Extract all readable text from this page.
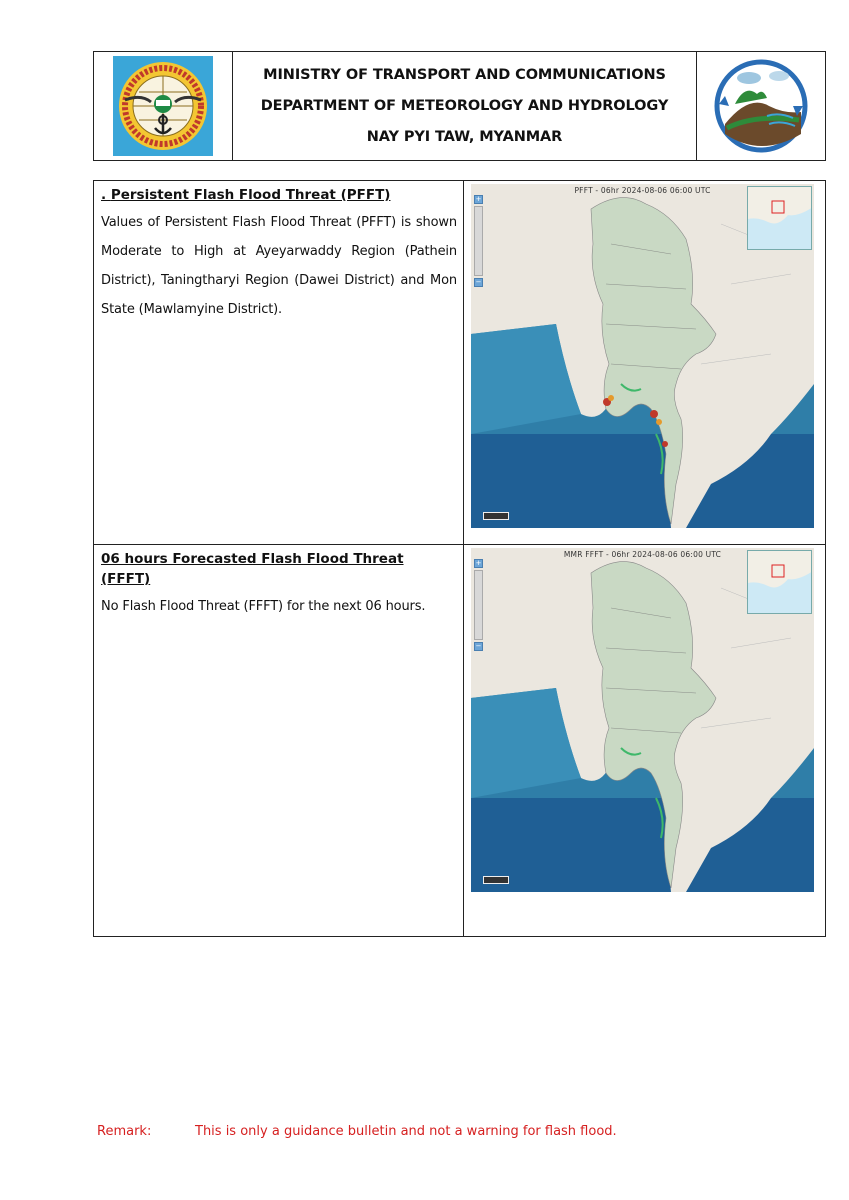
MINISTRY OF TRANSPORT AND COMMUNICATIONS
DEPARTMENT OF METEOROLOGY AND HYDROLOGY
NAY PYI TAW, MYANMAR
. Persistent Flash Flood Threat (PFFT)
Values of Persistent Flash Flood Threat (PFFT) is shown Moderate to High at Ayeyarwaddy Region (Pathein District), Taningtharyi Region (Dawei District) and Mon State (Mawlamyine District).
PFFT - 06hr 2024-08-06 06:00 UTC
+
−
06 hours Forecasted Flash Flood Threat (FFFT)
No Flash Flood Threat (FFFT) for the next 06 hours.
MMR FFFT - 06hr 2024-08-06 06:00 UTC
+
−
Remark:	This is only a guidance bulletin and not a warning for flash flood.
